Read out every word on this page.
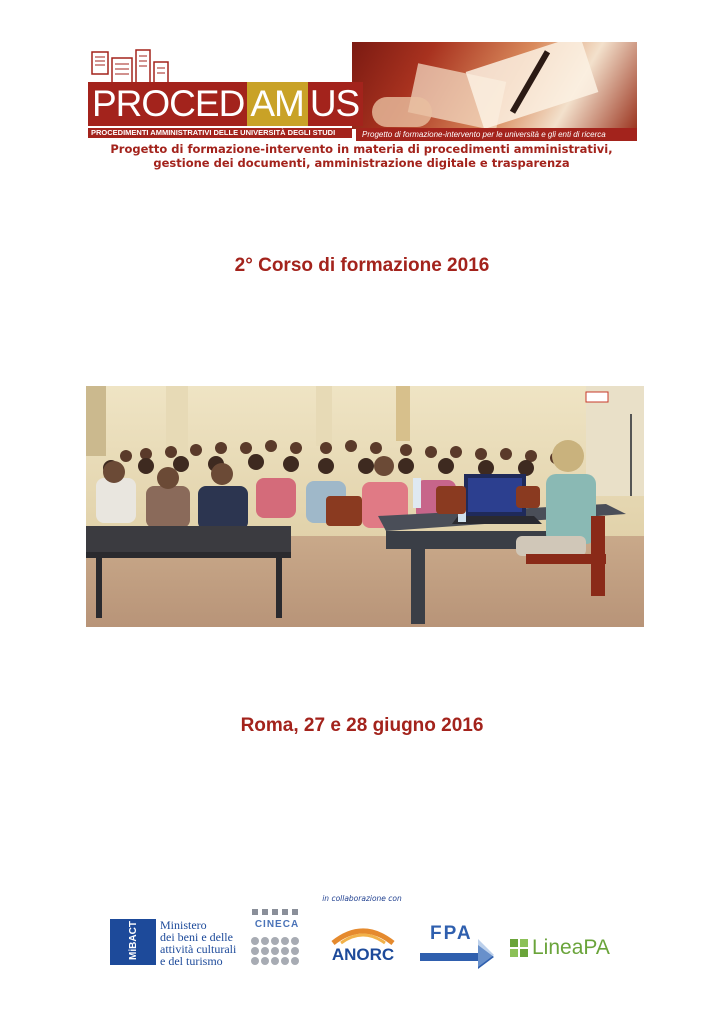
PROCED AM US
PROCEDIMENTI AMMINISTRATIVI DELLE UNIVERSITÀ DEGLI STUDI	Progetto di formazione-intervento per le università e gli enti di ricerca
Progetto di formazione-intervento in materia di procedimenti amministrativi,
gestione dei documenti, amministrazione digitale e trasparenza
2° Corso di formazione 2016
Roma, 27 e 28 giugno 2016
in collaborazione con
MiBACT Ministero
dei beni e delle
attività culturali
e del turismo
CINECA
ANORC
FPA
LineaPA
